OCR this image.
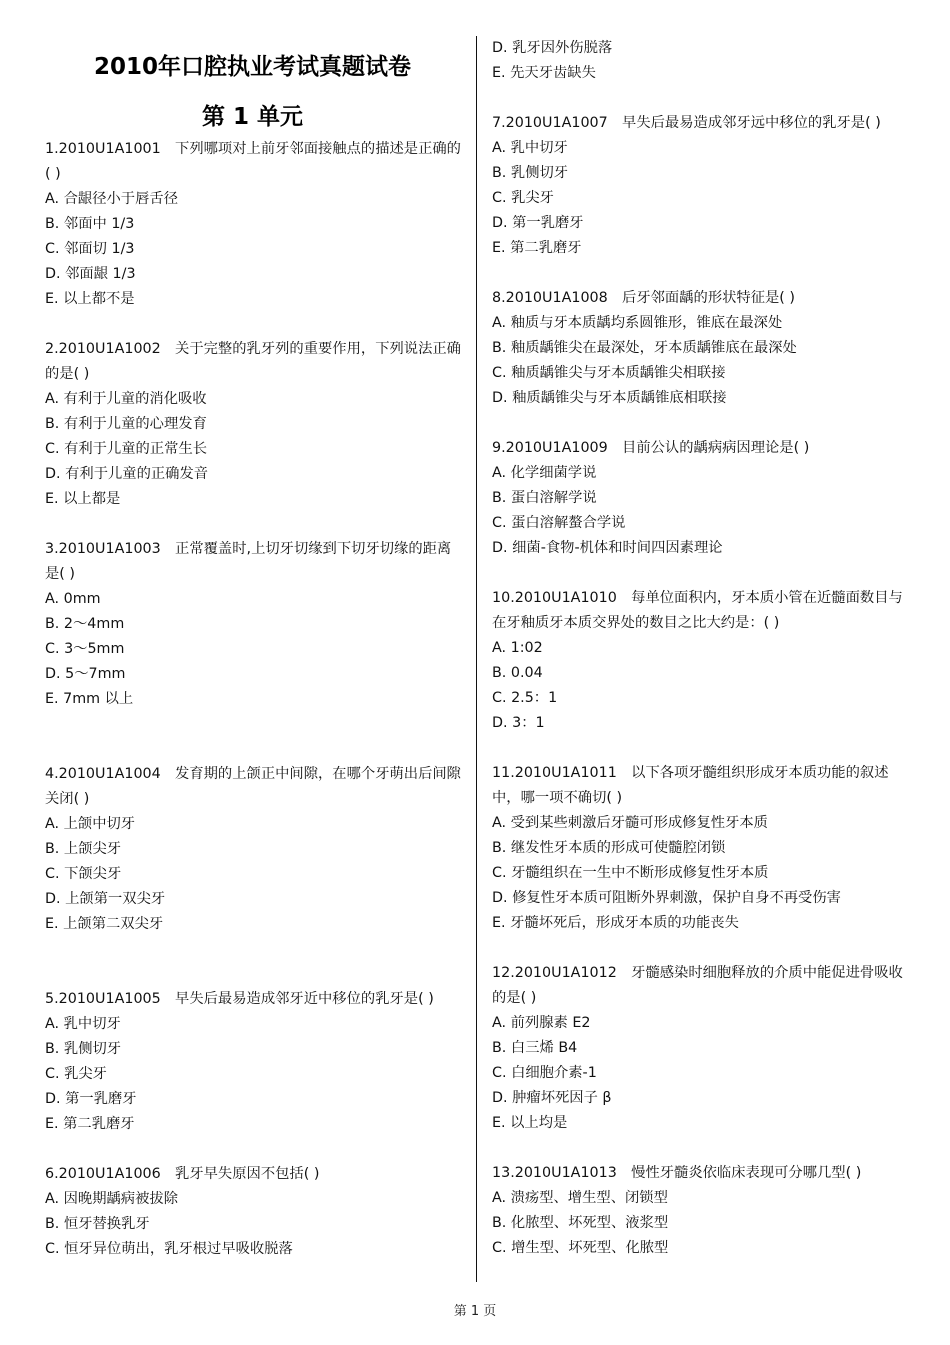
2010年口腔执业考试真题试卷
第 1 单元
1.2010U1A1001　下列哪项对上前牙邻面接触点的描述是正确的( )
A. 合龈径小于唇舌径
B. 邻面中 1/3
C. 邻面切 1/3
D. 邻面龈 1/3
E. 以上都不是
2.2010U1A1002　关于完整的乳牙列的重要作用，下列说法正确的是( )
A. 有利于儿童的消化吸收
B. 有利于儿童的心理发育
C. 有利于儿童的正常生长
D. 有利于儿童的正确发音
E. 以上都是
3.2010U1A1003　正常覆盖时,上切牙切缘到下切牙切缘的距离是( )
A. 0mm
B. 2～4mm
C. 3～5mm
D. 5～7mm
E. 7mm 以上
4.2010U1A1004　发育期的上颌正中间隙，在哪个牙萌出后间隙关闭( )
A. 上颌中切牙
B. 上颌尖牙
C. 下颌尖牙
D. 上颌第一双尖牙
E. 上颌第二双尖牙
5.2010U1A1005　早失后最易造成邻牙近中移位的乳牙是( )
A. 乳中切牙
B. 乳侧切牙
C. 乳尖牙
D. 第一乳磨牙
E. 第二乳磨牙
6.2010U1A1006　乳牙早失原因不包括( )
A. 因晚期龋病被拔除
B. 恒牙替换乳牙
C. 恒牙异位萌出，乳牙根过早吸收脱落
D. 乳牙因外伤脱落
E. 先天牙齿缺失
7.2010U1A1007　早失后最易造成邻牙远中移位的乳牙是( )
A. 乳中切牙
B. 乳侧切牙
C. 乳尖牙
D. 第一乳磨牙
E. 第二乳磨牙
8.2010U1A1008　后牙邻面龋的形状特征是( )
A. 釉质与牙本质龋均系圆锥形，锥底在最深处
B. 釉质龋锥尖在最深处，牙本质龋锥底在最深处
C. 釉质龋锥尖与牙本质龋锥尖相联接
D. 釉质龋锥尖与牙本质龋锥底相联接
9.2010U1A1009　目前公认的龋病病因理论是( )
A. 化学细菌学说
B. 蛋白溶解学说
C. 蛋白溶解螯合学说
D. 细菌-食物-机体和时间四因素理论
10.2010U1A1010　每单位面积内，牙本质小管在近髓面数目与在牙釉质牙本质交界处的数目之比大约是：( )
A. 1:02
B. 0.04
C. 2.5：1
D. 3：1
11.2010U1A1011　以下各项牙髓组织形成牙本质功能的叙述中，哪一项不确切( )
A. 受到某些刺激后牙髓可形成修复性牙本质
B. 继发性牙本质的形成可使髓腔闭锁
C. 牙髓组织在一生中不断形成修复性牙本质
D. 修复性牙本质可阻断外界刺激，保护自身不再受伤害
E. 牙髓坏死后，形成牙本质的功能丧失
12.2010U1A1012　牙髓感染时细胞释放的介质中能促进骨吸收的是( )
A. 前列腺素 E2
B. 白三烯 B4
C. 白细胞介素-1
D. 肿瘤坏死因子 β
E. 以上均是
13.2010U1A1013　慢性牙髓炎依临床表现可分哪几型( )
A. 溃疡型、增生型、闭锁型
B. 化脓型、坏死型、液浆型
C. 增生型、坏死型、化脓型
第 1 页
